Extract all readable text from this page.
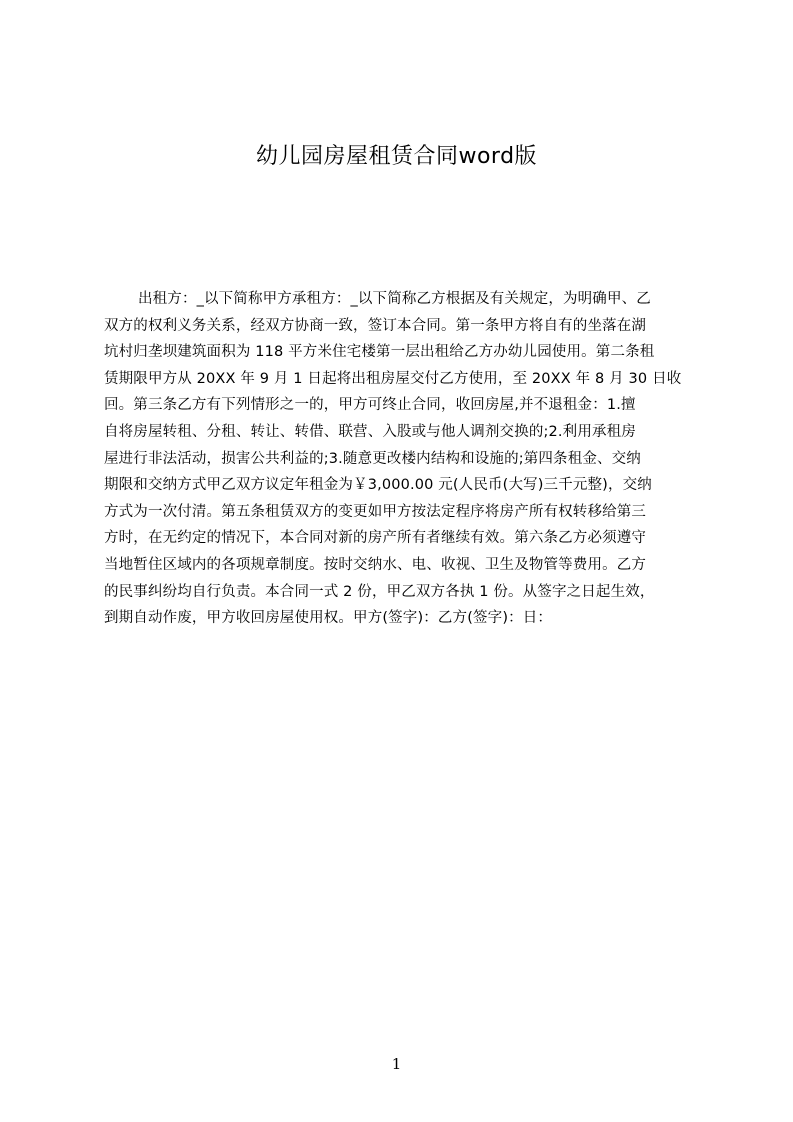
幼儿园房屋租赁合同word版
出租方：_以下简称甲方承租方：_以下简称乙方根据及有关规定，为明确甲、乙
双方的权利义务关系，经双方协商一致，签订本合同。第一条甲方将自有的坐落在湖
坑村归垄坝建筑面积为 118 平方米住宅楼第一层出租给乙方办幼儿园使用。第二条租
赁期限甲方从 20XX 年 9 月 1 日起将出租房屋交付乙方使用，至 20XX 年 8 月 30 日收
回。第三条乙方有下列情形之一的，甲方可终止合同，收回房屋,并不退租金：1.擅
自将房屋转租、分租、转让、转借、联营、入股或与他人调剂交换的;2.利用承租房
屋进行非法活动，损害公共利益的;3.随意更改楼内结构和设施的;第四条租金、交纳
期限和交纳方式甲乙双方议定年租金为￥3,000.00 元(人民币(大写)三千元整)，交纳
方式为一次付清。第五条租赁双方的变更如甲方按法定程序将房产所有权转移给第三
方时，在无约定的情况下，本合同对新的房产所有者继续有效。第六条乙方必须遵守
当地暂住区域内的各项规章制度。按时交纳水、电、收视、卫生及物管等费用。乙方
的民事纠纷均自行负责。本合同一式 2 份，甲乙双方各执 1 份。从签字之日起生效，
到期自动作废，甲方收回房屋使用权。甲方(签字)：乙方(签字)：日：
1
